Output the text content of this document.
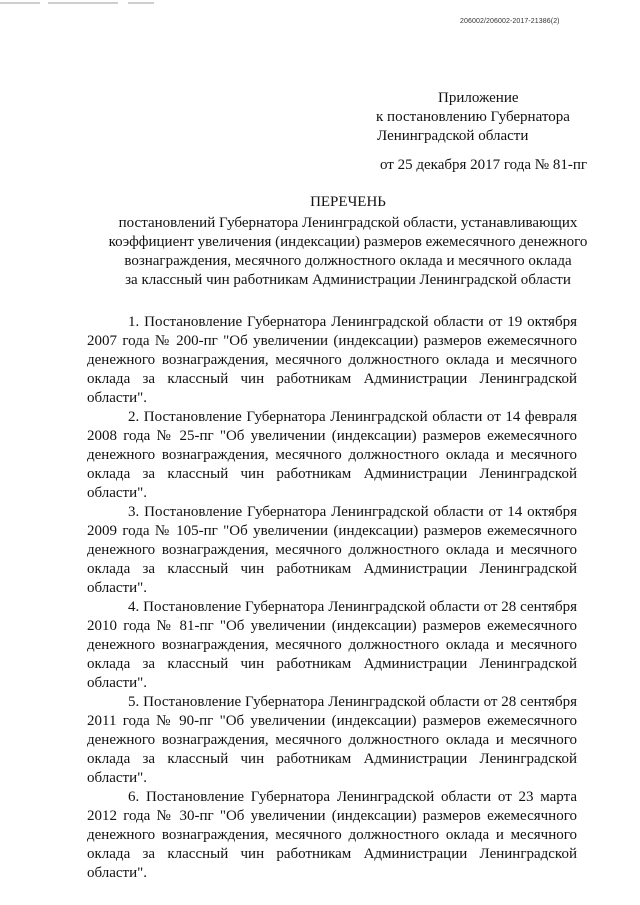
206002/206002-2017-21386(2)
Приложение
к постановлению Губернатора
Ленинградской области
от 25 декабря 2017 года № 81-пг
ПЕРЕЧЕНЬ
постановлений Губернатора Ленинградской области, устанавливающих
коэффициент увеличения (индексации) размеров ежемесячного денежного
вознаграждения, месячного должностного оклада и месячного оклада
за классный чин работникам Администрации Ленинградской области
1. Постановление Губернатора Ленинградской области от 19 октября 2007 года № 200-пг "Об увеличении (индексации) размеров ежемесячного денежного вознаграждения, месячного должностного оклада и месячного оклада за классный чин работникам Администрации Ленинградской области".
2. Постановление Губернатора Ленинградской области от 14 февраля 2008 года № 25-пг "Об увеличении (индексации) размеров ежемесячного денежного вознаграждения, месячного должностного оклада и месячного оклада за классный чин работникам Администрации Ленинградской области".
3. Постановление Губернатора Ленинградской области от 14 октября 2009 года № 105-пг "Об увеличении (индексации) размеров ежемесячного денежного вознаграждения, месячного должностного оклада и месячного оклада за классный чин работникам Администрации Ленинградской области".
4. Постановление Губернатора Ленинградской области от 28 сентября 2010 года № 81-пг "Об увеличении (индексации) размеров ежемесячного денежного вознаграждения, месячного должностного оклада и месячного оклада за классный чин работникам Администрации Ленинградской области".
5. Постановление Губернатора Ленинградской области от 28 сентября 2011 года № 90-пг "Об увеличении (индексации) размеров ежемесячного денежного вознаграждения, месячного должностного оклада и месячного оклада за классный чин работникам Администрации Ленинградской области".
6. Постановление Губернатора Ленинградской области от 23 марта 2012 года № 30-пг "Об увеличении (индексации) размеров ежемесячного денежного вознаграждения, месячного должностного оклада и месячного оклада за классный чин работникам Администрации Ленинградской области".
